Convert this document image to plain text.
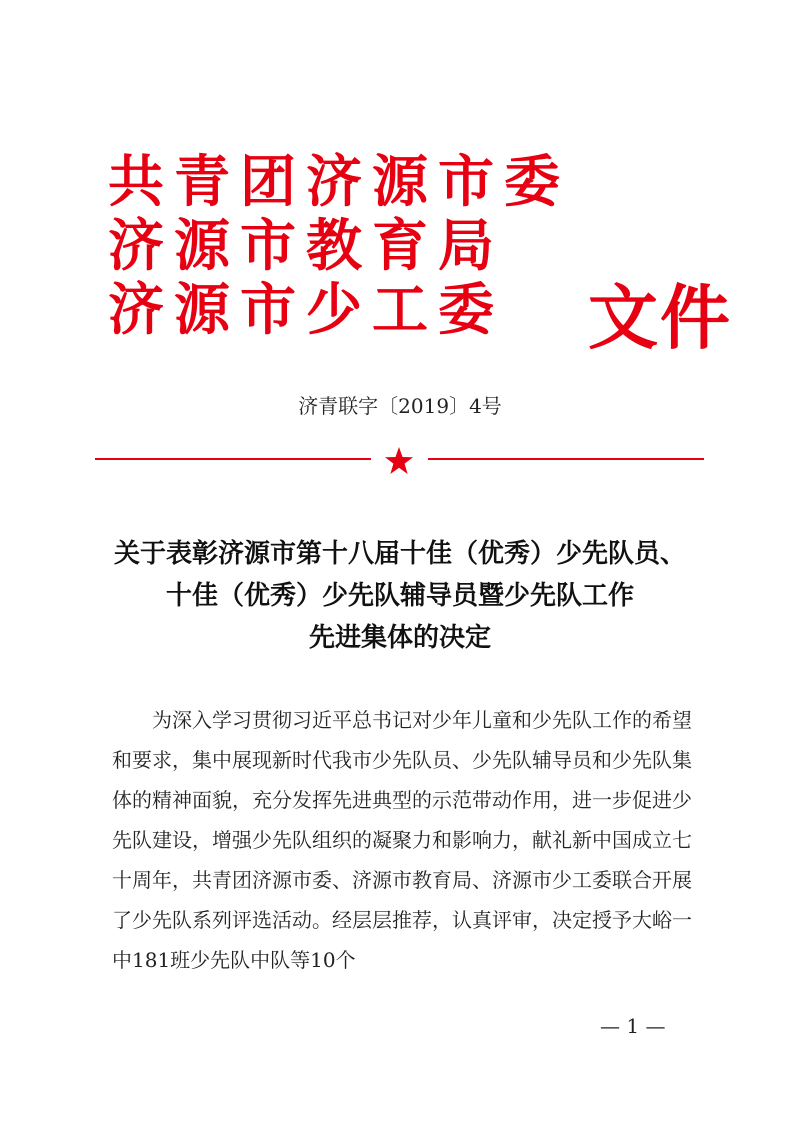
共青团济源市委
济源市教育局
济源市少工委	文件
济青联字〔2019〕4号
关于表彰济源市第十八届十佳（优秀）少先队员、
十佳（优秀）少先队辅导员暨少先队工作
先进集体的决定

为深入学习贯彻习近平总书记对少年儿童和少先队工作的希望和要求，集中展现新时代我市少先队员、少先队辅导员和少先队集体的精神面貌，充分发挥先进典型的示范带动作用，进一步促进少先队建设，增强少先队组织的凝聚力和影响力，献礼新中国成立七十周年，共青团济源市委、济源市教育局、济源市少工委联合开展了少先队系列评选活动。经层层推荐，认真评审，决定授予大峪一中181班少先队中队等10个

— 1 —
